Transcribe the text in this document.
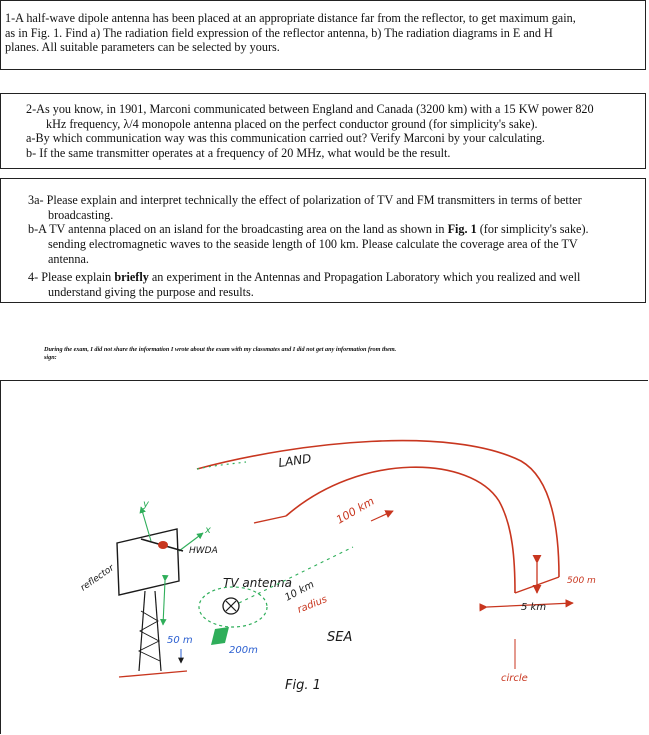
1-A half-wave dipole antenna has been placed at an appropriate distance far from the reflector, to get maximum gain,
as in Fig. 1. Find a) The radiation field expression of the reflector antenna, b) The radiation diagrams in E and H
planes. All suitable parameters can be selected by yours.
2-As you know, in 1901, Marconi communicated between England and Canada (3200 km) with a 15 KW power 820
kHz frequency, λ/4 monopole antenna placed on the perfect conductor ground (for simplicity's sake).
a-By which communication way was this communication carried out? Verify Marconi by your calculating.
b- If the same transmitter operates at a frequency of 20 MHz, what would be the result.
3a- Please explain and interpret technically the effect of polarization of TV and FM transmitters in terms of better
broadcasting.
b-A TV antenna placed on an island for the broadcasting area on the land as shown in Fig. 1 (for simplicity's sake).
sending electromagnetic waves to the seaside length of 100 km. Please calculate the coverage area of the TV
antenna.
4- Please explain briefly an experiment in the Antennas and Propagation Laboratory which you realized and well
understand giving the purpose and results.
During the exam, I did not share the information I wrote about the exam with my classmates and I did not get any information from them.
sign:
LAND
100 km
500 m
5 km
circle
reflector
y
x
HWDA
50 m
TV antenna
10 km
radius
200m
SEA
Fig. 1
